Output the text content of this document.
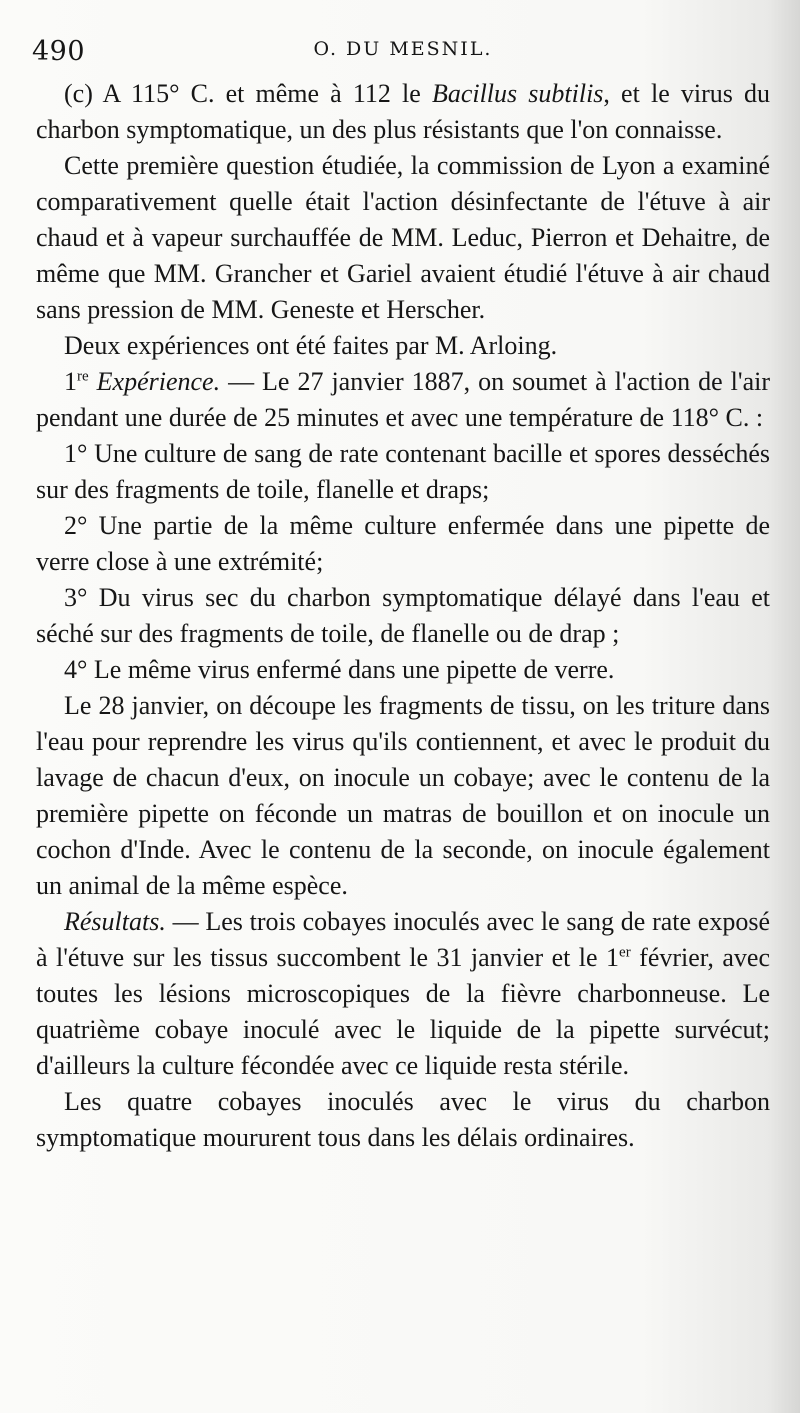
490	O. DU MESNIL.

(c) A 115° C. et même à 112 le Bacillus subtilis, et le virus du charbon symptomatique, un des plus résistants que l'on connaisse.

Cette première question étudiée, la commission de Lyon a examiné comparativement quelle était l'action désinfectante de l'étuve à air chaud et à vapeur surchauffée de MM. Leduc, Pierron et Dehaitre, de même que MM. Grancher et Gariel avaient étudié l'étuve à air chaud sans pression de MM. Geneste et Herscher.

Deux expériences ont été faites par M. Arloing.

1re Expérience. — Le 27 janvier 1887, on soumet à l'action de l'air pendant une durée de 25 minutes et avec une température de 118° C. :

1° Une culture de sang de rate contenant bacille et spores desséchés sur des fragments de toile, flanelle et draps;

2° Une partie de la même culture enfermée dans une pipette de verre close à une extrémité;

3° Du virus sec du charbon symptomatique délayé dans l'eau et séché sur des fragments de toile, de flanelle ou de drap ;

4° Le même virus enfermé dans une pipette de verre.

Le 28 janvier, on découpe les fragments de tissu, on les triture dans l'eau pour reprendre les virus qu'ils contiennent, et avec le produit du lavage de chacun d'eux, on inocule un cobaye; avec le contenu de la première pipette on féconde un matras de bouillon et on inocule un cochon d'Inde. Avec le contenu de la seconde, on inocule également un animal de la même espèce.

Résultats. — Les trois cobayes inoculés avec le sang de rate exposé à l'étuve sur les tissus succombent le 31 janvier et le 1er février, avec toutes les lésions microscopiques de la fièvre charbonneuse. Le quatrième cobaye inoculé avec le liquide de la pipette survécut; d'ailleurs la culture fécondée avec ce liquide resta stérile.

Les quatre cobayes inoculés avec le virus du charbon symptomatique moururent tous dans les délais ordinaires.
